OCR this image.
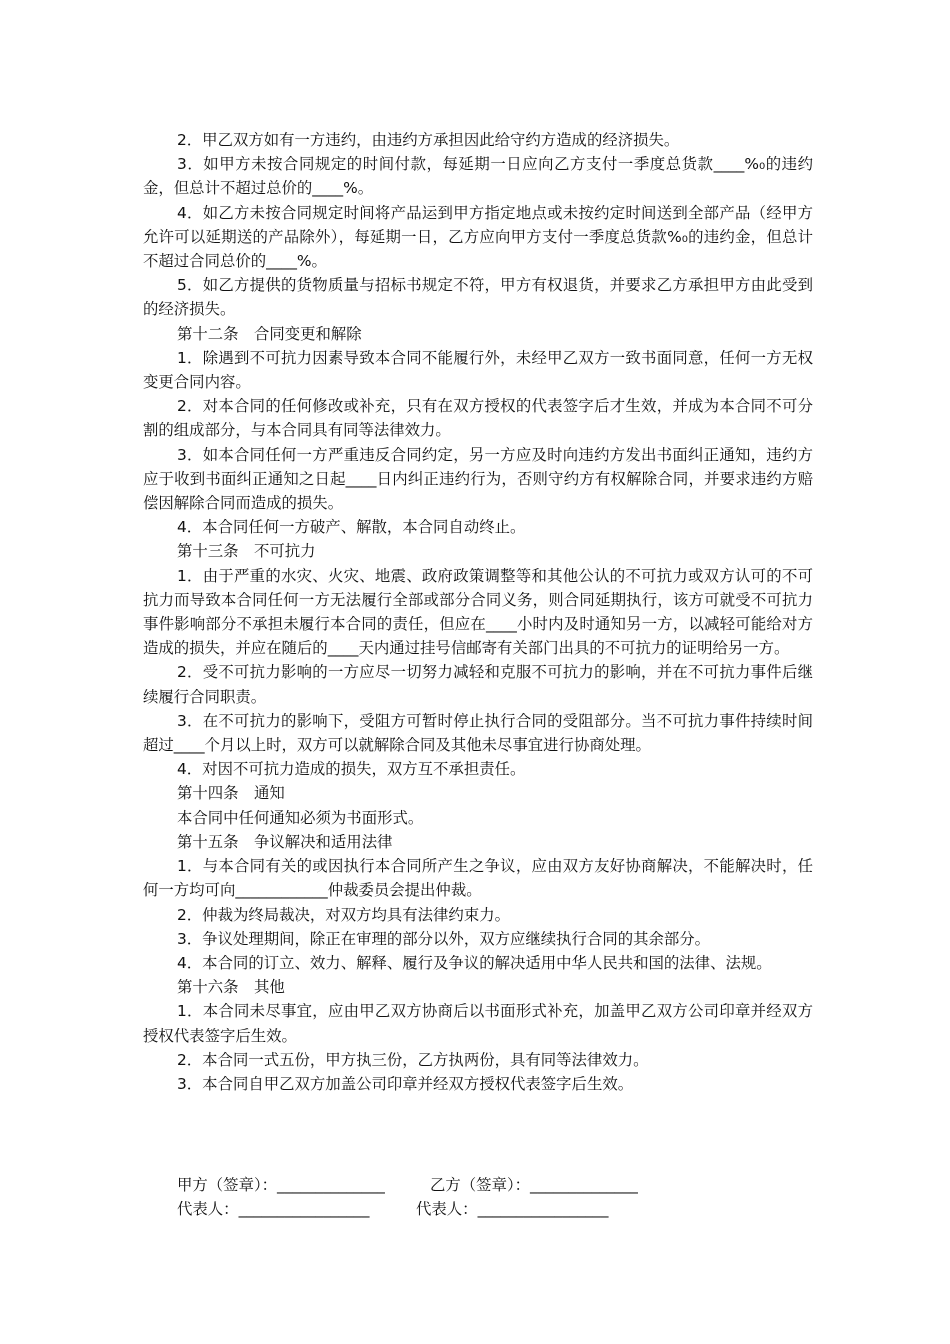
2．甲乙双方如有一方违约，由违约方承担因此给守约方造成的经济损失。

3．如甲方未按合同规定的时间付款，每延期一日应向乙方支付一季度总货款____%₀的违约金，但总计不超过总价的____%。

4．如乙方未按合同规定时间将产品运到甲方指定地点或未按约定时间送到全部产品（经甲方允许可以延期送的产品除外），每延期一日，乙方应向甲方支付一季度总货款%₀的违约金，但总计不超过合同总价的____%。

5．如乙方提供的货物质量与招标书规定不符，甲方有权退货，并要求乙方承担甲方由此受到的经济损失。

第十二条　合同变更和解除

1．除遇到不可抗力因素导致本合同不能履行外，未经甲乙双方一致书面同意，任何一方无权变更合同内容。

2．对本合同的任何修改或补充，只有在双方授权的代表签字后才生效，并成为本合同不可分割的组成部分，与本合同具有同等法律效力。

3．如本合同任何一方严重违反合同约定，另一方应及时向违约方发出书面纠正通知，违约方应于收到书面纠正通知之日起____日内纠正违约行为，否则守约方有权解除合同，并要求违约方赔偿因解除合同而造成的损失。

4．本合同任何一方破产、解散，本合同自动终止。

第十三条　不可抗力

1．由于严重的水灾、火灾、地震、政府政策调整等和其他公认的不可抗力或双方认可的不可抗力而导致本合同任何一方无法履行全部或部分合同义务，则合同延期执行，该方可就受不可抗力事件影响部分不承担未履行本合同的责任，但应在____小时内及时通知另一方，以减轻可能给对方造成的损失，并应在随后的____天内通过挂号信邮寄有关部门出具的不可抗力的证明给另一方。

2．受不可抗力影响的一方应尽一切努力减轻和克服不可抗力的影响，并在不可抗力事件后继续履行合同职责。

3．在不可抗力的影响下，受阻方可暂时停止执行合同的受阻部分。当不可抗力事件持续时间超过____个月以上时，双方可以就解除合同及其他未尽事宜进行协商处理。

4．对因不可抗力造成的损失，双方互不承担责任。

第十四条　通知

本合同中任何通知必须为书面形式。

第十五条　争议解决和适用法律

1．与本合同有关的或因执行本合同所产生之争议，应由双方友好协商解决，不能解决时，任何一方均可向____________仲裁委员会提出仲裁。

2．仲裁为终局裁决，对双方均具有法律约束力。

3．争议处理期间，除正在审理的部分以外，双方应继续执行合同的其余部分。

4．本合同的订立、效力、解释、履行及争议的解决适用中华人民共和国的法律、法规。

第十六条　其他

1．本合同未尽事宜，应由甲乙双方协商后以书面形式补充，加盖甲乙双方公司印章并经双方授权代表签字后生效。

2．本合同一式五份，甲方执三份，乙方执两份，具有同等法律效力。

3．本合同自甲乙双方加盖公司印章并经双方授权代表签字后生效。

甲方（签章）：______________	乙方（签章）：______________
代表人：_________________	代表人：_________________
